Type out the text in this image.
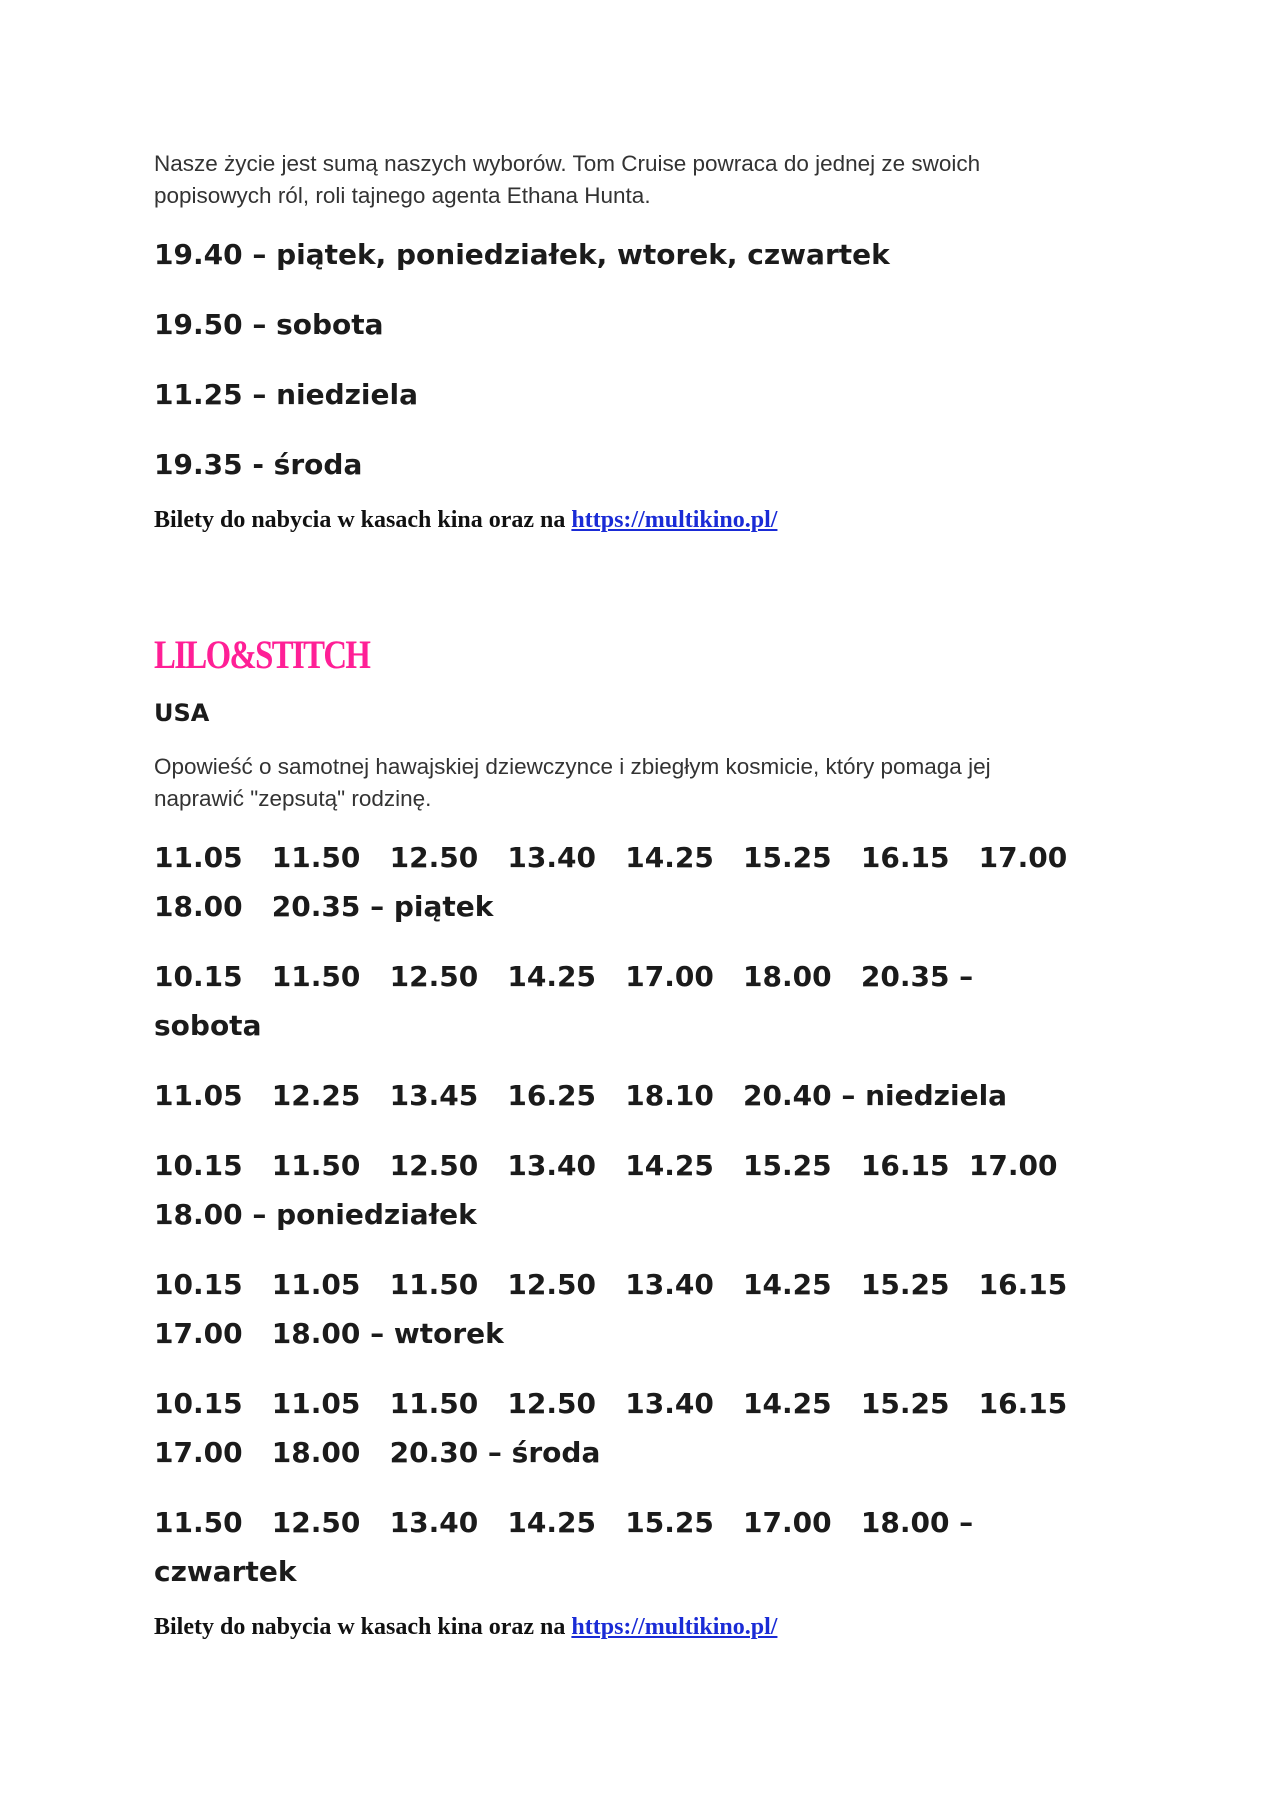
Nasze życie jest sumą naszych wyborów. Tom Cruise powraca do jednej ze swoich popisowych ról, roli tajnego agenta Ethana Hunta.

19.40 – piątek, poniedziałek, wtorek, czwartek

19.50 – sobota

11.25 – niedziela

19.35 - środa

Bilety do nabycia w kasach kina oraz na https://multikino.pl/

LILO&STITCH

USA

Opowieść o samotnej hawajskiej dziewczynce i zbiegłym kosmicie, który pomaga jej naprawić "zepsutą" rodzinę.

11.05   11.50   12.50   13.40   14.25   15.25   16.15   17.00   18.00   20.35 – piątek

10.15   11.50   12.50   14.25   17.00   18.00   20.35 – sobota

11.05   12.25   13.45   16.25   18.10   20.40 – niedziela

10.15   11.50   12.50   13.40   14.25   15.25   16.15  17.00   18.00 – poniedziałek

10.15   11.05   11.50   12.50   13.40   14.25   15.25   16.15   17.00   18.00 – wtorek

10.15   11.05   11.50   12.50   13.40   14.25   15.25   16.15   17.00   18.00   20.30 – środa

11.50   12.50   13.40   14.25   15.25   17.00   18.00 – czwartek

Bilety do nabycia w kasach kina oraz na https://multikino.pl/
